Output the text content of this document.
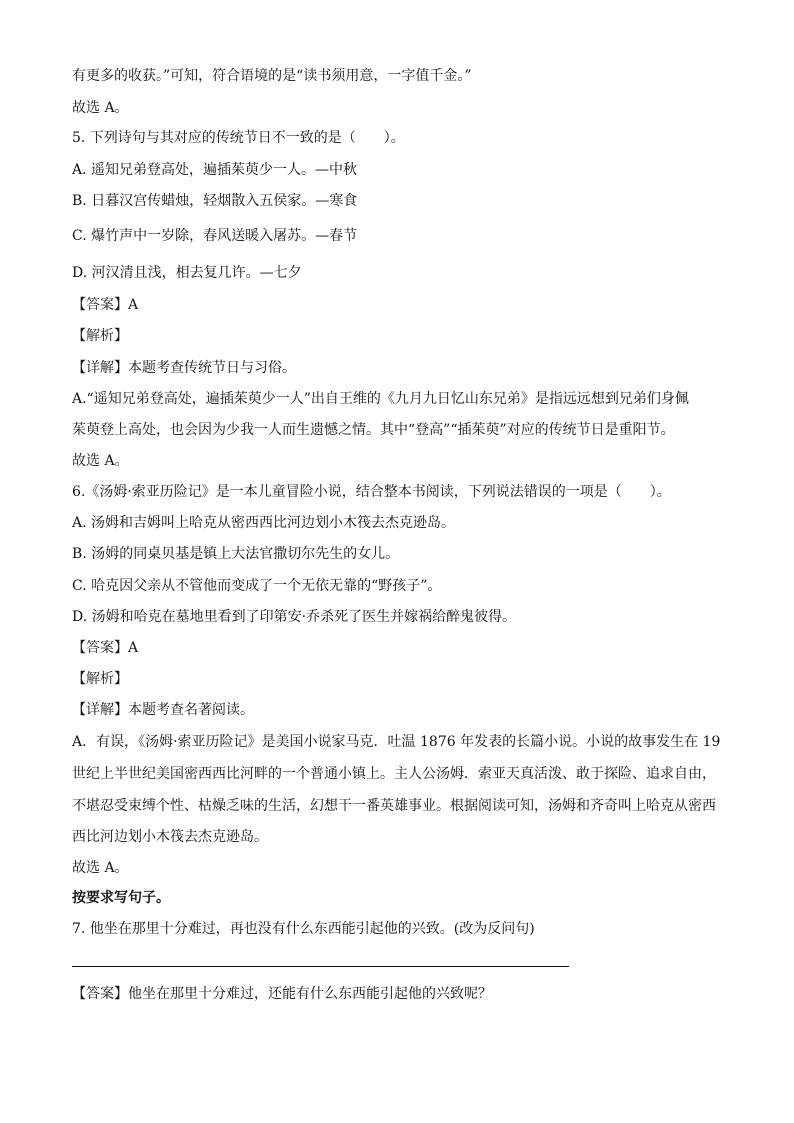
有更多的收获。”可知，符合语境的是“读书须用意，一字值千金。”
故选 A。
5. 下列诗句与其对应的传统节日不一致的是（　　）。
A. 遥知兄弟登高处，遍插茱萸少一人。—中秋
B. 日暮汉宫传蜡烛，轻烟散入五侯家。—寒食
C. 爆竹声中一岁除，春风送暖入屠苏。—春节
D. 河汉清且浅，相去复几许。—七夕
【答案】A
【解析】
【详解】本题考查传统节日与习俗。
A.“遥知兄弟登高处，遍插茱萸少一人”出自王维的《九月九日忆山东兄弟》是指远远想到兄弟们身佩
茱萸登上高处，也会因为少我一人而生遗憾之情。其中“登高”“插茱萸”对应的传统节日是重阳节。
故选 A。
6.《汤姆·索亚历险记》是一本儿童冒险小说，结合整本书阅读，下列说法错误的一项是（　　）。
A. 汤姆和吉姆叫上哈克从密西西比河边划小木筏去杰克逊岛。
B. 汤姆的同桌贝基是镇上大法官撒切尔先生的女儿。
C. 哈克因父亲从不管他而变成了一个无依无靠的“野孩子”。
D. 汤姆和哈克在墓地里看到了印第安·乔杀死了医生并嫁祸给醉鬼彼得。
【答案】A
【解析】
【详解】本题考查名著阅读。
A．有误，《汤姆·索亚历险记》是美国小说家马克．吐温 1876 年发表的长篇小说。小说的故事发生在 19
世纪上半世纪美国密西西比河畔的一个普通小镇上。主人公汤姆．索亚天真活泼、敢于探险、追求自由，
不堪忍受束缚个性、枯燥乏味的生活，幻想干一番英雄事业。根据阅读可知，汤姆和齐奇叫上哈克从密西
西比河边划小木筏去杰克逊岛。
故选 A。
按要求写句子。
7. 他坐在那里十分难过，再也没有什么东西能引起他的兴致。(改为反问句)
【答案】他坐在那里十分难过，还能有什么东西能引起他的兴致呢？
